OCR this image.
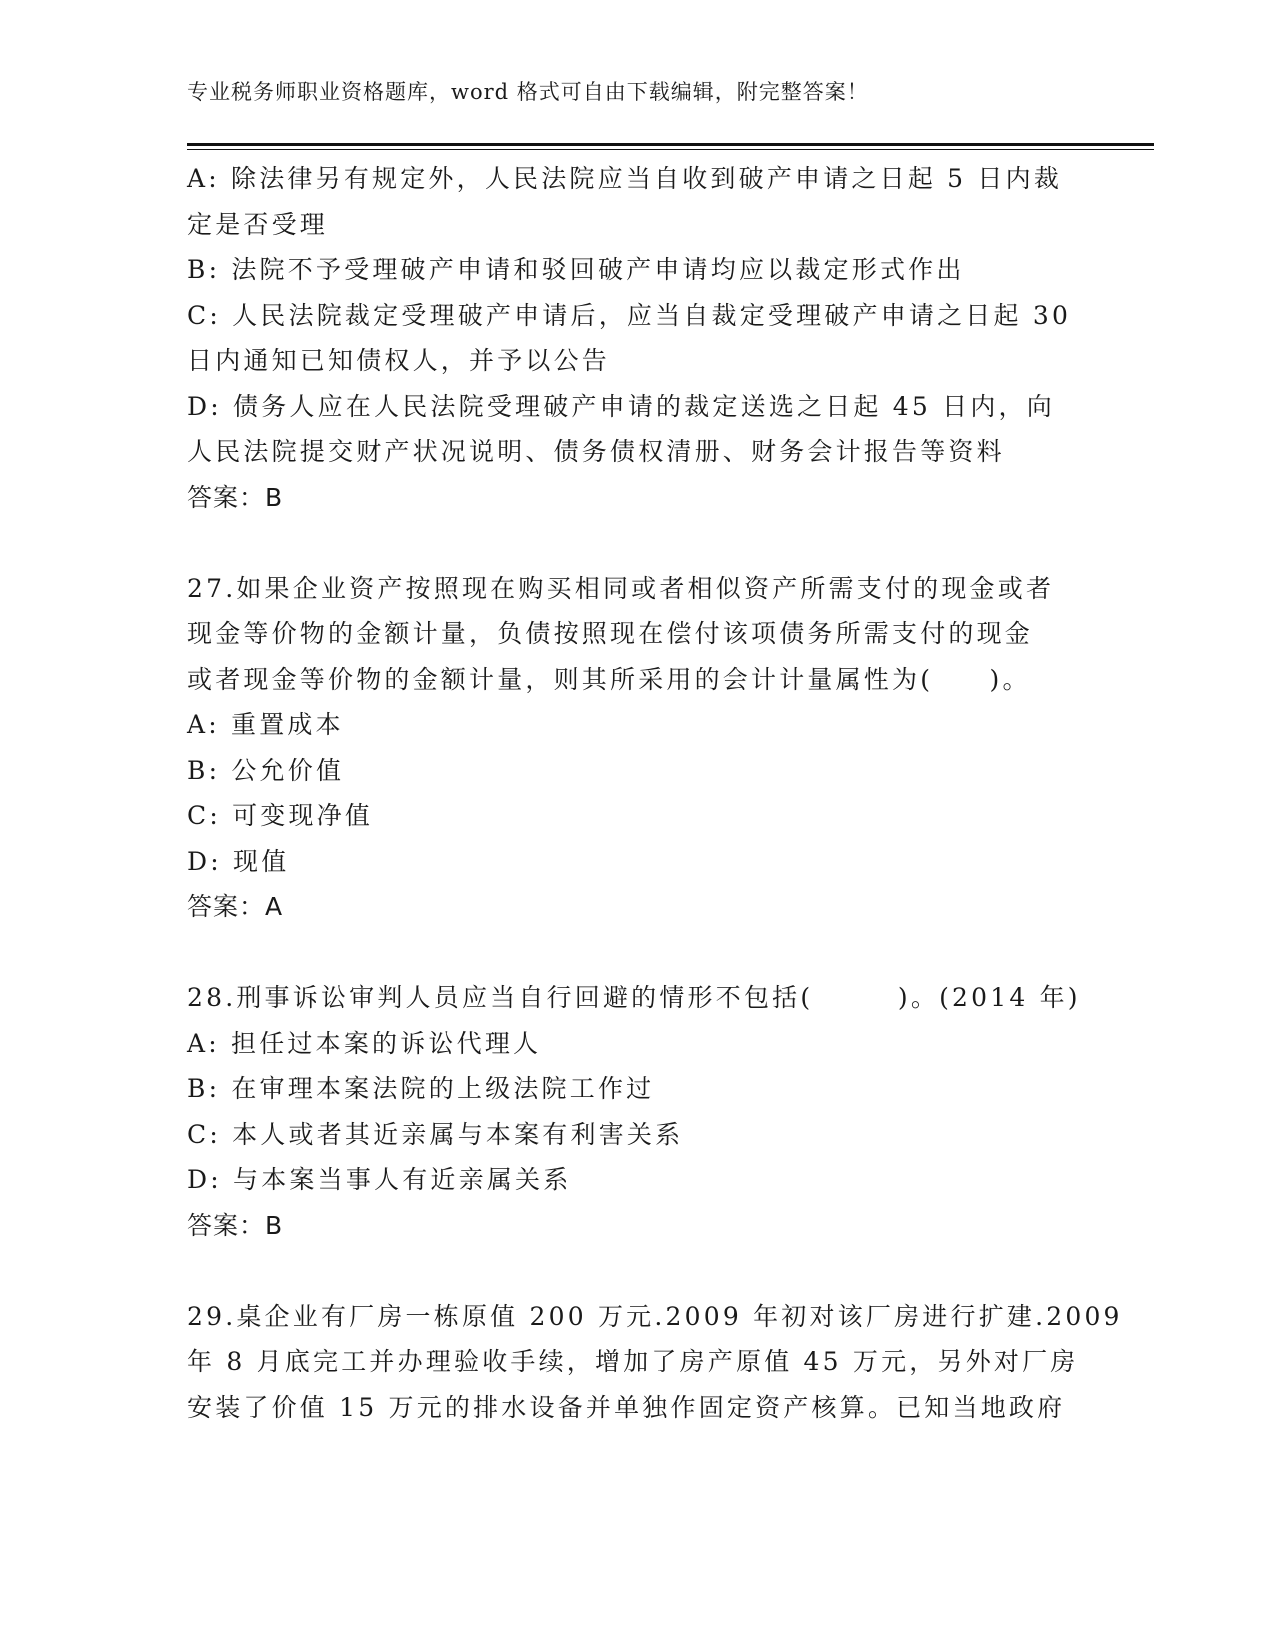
专业税务师职业资格题库，word 格式可自由下载编辑，附完整答案！
A: 除法律另有规定外，人民法院应当自收到破产申请之日起 5 日内裁
定是否受理
B: 法院不予受理破产申请和驳回破产申请均应以裁定形式作出
C: 人民法院裁定受理破产申请后，应当自裁定受理破产申请之日起 30
日内通知已知债权人，并予以公告
D: 债务人应在人民法院受理破产申请的裁定送选之日起 45 日内，向
人民法院提交财产状况说明、债务债权清册、财务会计报告等资料
答案：B
27.如果企业资产按照现在购买相同或者相似资产所需支付的现金或者
现金等价物的金额计量，负债按照现在偿付该项债务所需支付的现金
或者现金等价物的金额计量，则其所采用的会计计量属性为(　　)。
A: 重置成本
B: 公允价值
C: 可变现净值
D: 现值
答案：A
28.刑事诉讼审判人员应当自行回避的情形不包括(　　　)。(2014 年)
A: 担任过本案的诉讼代理人
B: 在审理本案法院的上级法院工作过
C: 本人或者其近亲属与本案有利害关系
D: 与本案当事人有近亲属关系
答案：B
29.桌企业有厂房一栋原值 200 万元.2009 年初对该厂房进行扩建.2009
年 8 月底完工并办理验收手续，增加了房产原值 45 万元，另外对厂房
安装了价值 15 万元的排水设备并单独作固定资产核算。已知当地政府
